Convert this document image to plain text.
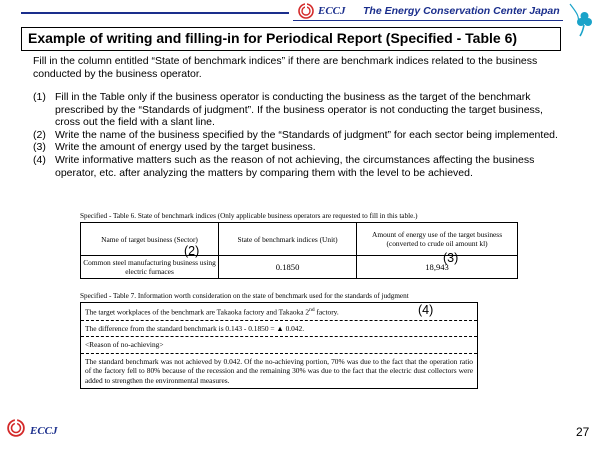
ECCJ The Energy Conservation Center Japan
Example of writing and filling-in for Periodical Report (Specified - Table 6)
Fill in the column entitled “State of benchmark indices” if there are benchmark indices related to the business conducted by the business operator.
(1) Fill in the Table only if the business operator is conducting the business as the target of the benchmark prescribed by the “Standards of judgment”. If the business operator is not conducting the target business, cross out the field with a slant line.
(2) Write the name of the business specified by the “Standards of judgment” for each sector being implemented.
(3) Write the amount of energy used by the target business.
(4) Write informative matters such as the reason of not achieving, the circumstances affecting the business operator, etc. after analyzing the matters by comparing them with the level to be achieved.
Specified - Table 6. State of benchmark indices (Only applicable business operators are requested to fill in this table.)
Name of target business (Sector)	State of benchmark indices (Unit)	Amount of energy use of the target business (converted to crude oil amount kl)
Common steel manufacturing business using electric furnaces	0.1850	18,943
(2)	(3)
(4)
Specified - Table 7. Information worth consideration on the state of benchmark used for the standards of judgment
The target workplaces of the benchmark are Takaoka factory and Takaoka 2nd factory.
The difference from the standard benchmark is 0.143 - 0.1850 = ▲ 0.042.
<Reason of no-achieving>
The standard benchmark was not achieved by 0.042. Of the no-achieving portion, 70% was due to the fact that the operation ratio of the factory fell to 80% because of the recession and the remaining 30% was due to the fact that the electric dust collectors were added to strengthen the environmental measures.
ECCJ	27
